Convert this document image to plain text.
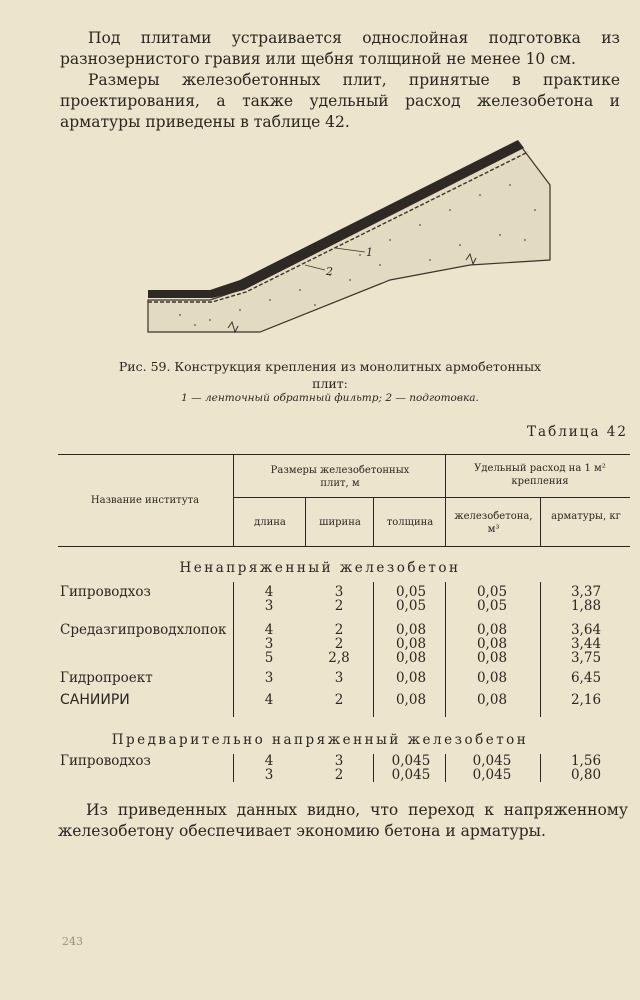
Под плитами устраивается однослойная подготовка из разнозернистого гравия или щебня толщиной не менее 10 см.
Размеры железобетонных плит, принятые в практике проектирования, а также удельный расход железобетона и арматуры приведены в таблице 42.
1
2
Рис. 59. Конструкция крепления из монолитных армобетонных плит:
1 — ленточный обратный фильтр; 2 — подготовка.
Таблица 42
Название института
Размеры железобетонных плит, м
Удельный расход на 1 м² крепления
длина	ширина	толщина
железобетона, м³
арматуры, кг
Ненапряженный железобетон
Гипроводхоз	4	3	0,05	0,05	3,37
3	2	0,05	0,05	1,88
Средазгипроводхлопок	4	2	0,08	0,08	3,64
3	2	0,08	0,08	3,44
5	2,8	0,08	0,08	3,75
Гидропроект	3	3	0,08	0,08	6,45
САНИИРИ	4	2	0,08	0,08	2,16
Предварительно напряженный железобетон
Гипроводхоз	4	3	0,045	0,045	1,56
3	2	0,045	0,045	0,80
Из приведенных данных видно, что переход к напряженному железобетону обеспечивает экономию бетона и арматуры.
243
